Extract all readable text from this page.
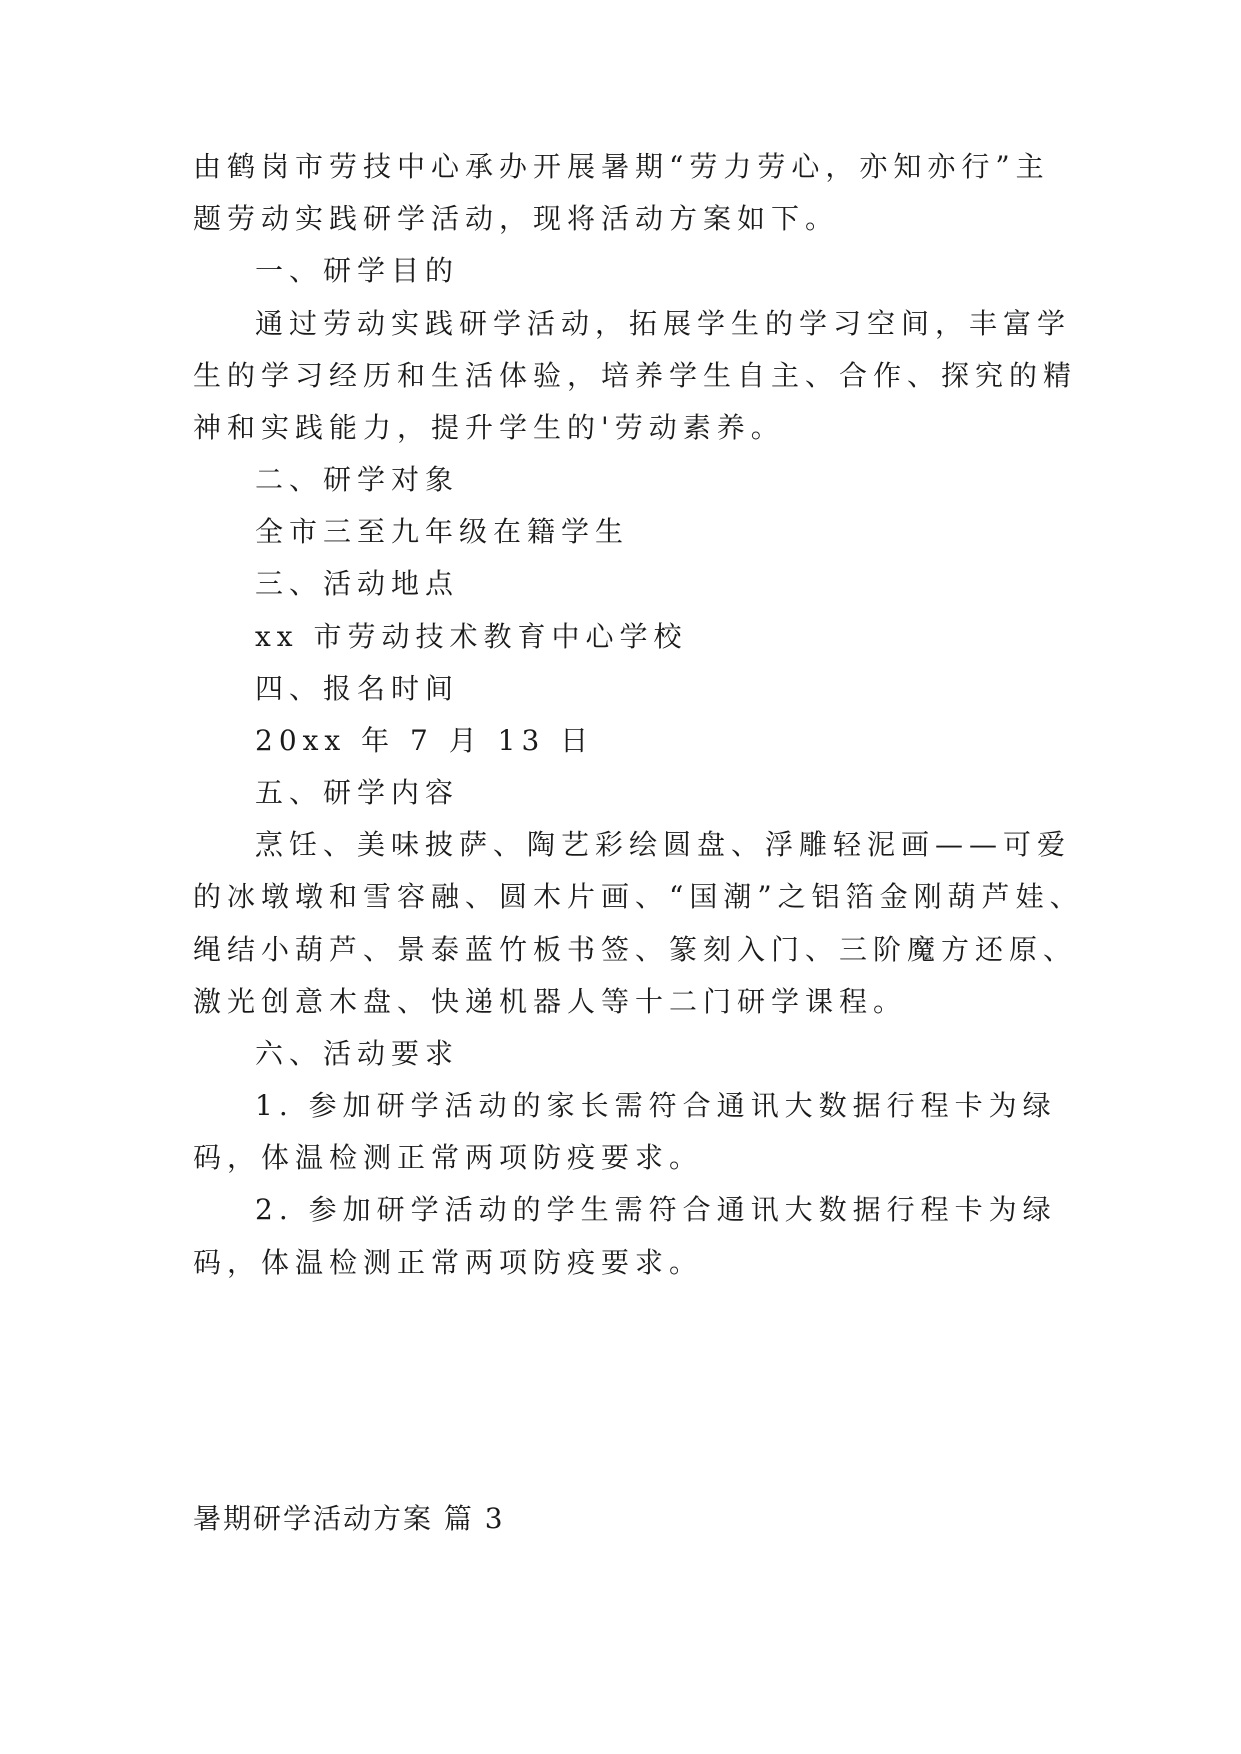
由鹤岗市劳技中心承办开展暑期“劳力劳心，亦知亦行”主
题劳动实践研学活动，现将活动方案如下。
一、研学目的
通过劳动实践研学活动，拓展学生的学习空间，丰富学
生的学习经历和生活体验，培养学生自主、合作、探究的精
神和实践能力，提升学生的'劳动素养。
二、研学对象
全市三至九年级在籍学生
三、活动地点
xx 市劳动技术教育中心学校
四、报名时间
20xx 年 7 月 13 日
五、研学内容
烹饪、美味披萨、陶艺彩绘圆盘、浮雕轻泥画——可爱
的冰墩墩和雪容融、圆木片画、“国潮”之铝箔金刚葫芦娃、
绳结小葫芦、景泰蓝竹板书签、篆刻入门、三阶魔方还原、
激光创意木盘、快递机器人等十二门研学课程。
六、活动要求
1. 参加研学活动的家长需符合通讯大数据行程卡为绿
码，体温检测正常两项防疫要求。
2. 参加研学活动的学生需符合通讯大数据行程卡为绿
码，体温检测正常两项防疫要求。
暑期研学活动方案 篇 3
